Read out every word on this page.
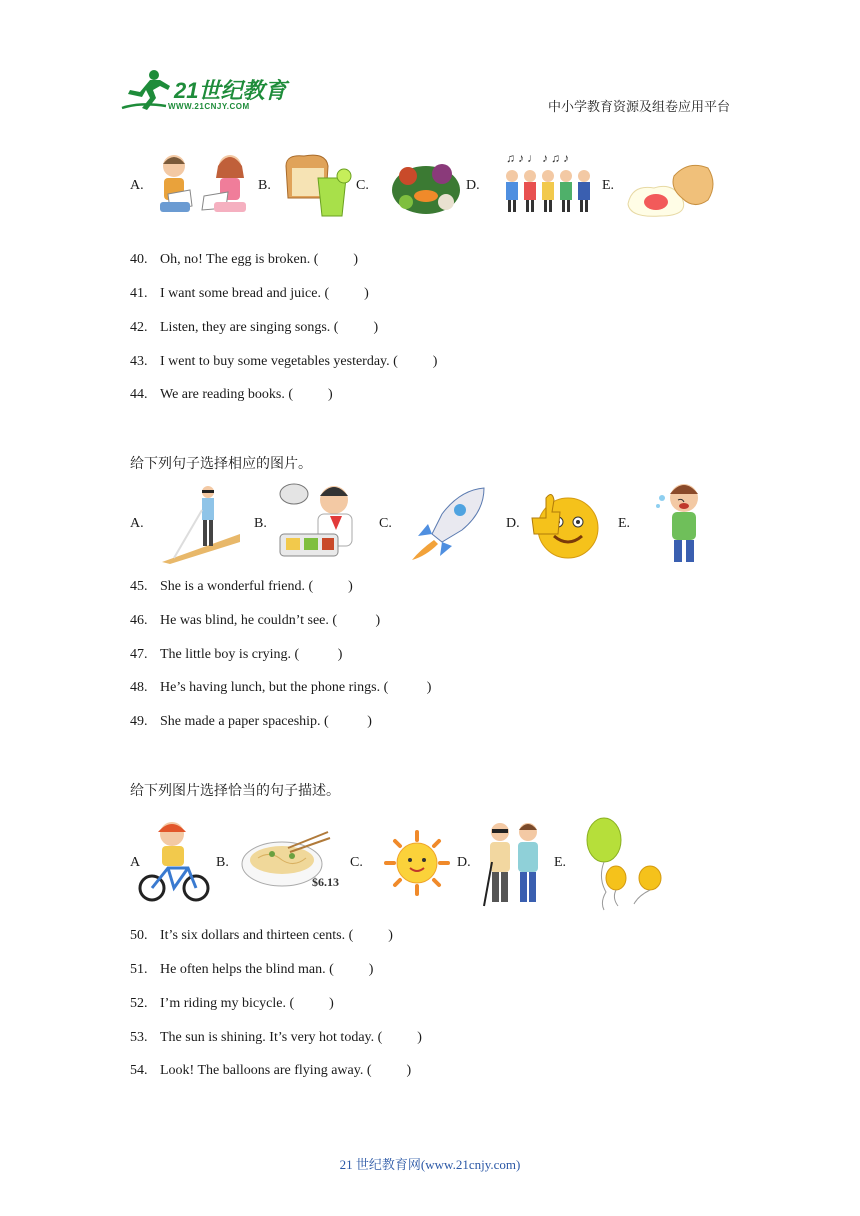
21世纪教育
WWW.21CNJY.COM	中小学教育资源及组卷应用平台
A.	B.	C.	D.
♫ ♪ ♩ ♪ ♫ ♪
E.
40. Oh, no! The egg is broken. (          )
41. I want some bread and juice. (          )
42. Listen, they are singing songs. (          )
43. I went to buy some vegetables yesterday. (          )
44. We are reading books. (          )
给下列句子选择相应的图片。
A.	B.	C.	D.	E.
45. She is a wonderful friend. (          )
46. He was blind, he couldn’t see. (           )
47. The little boy is crying. (           )
48. He’s having lunch, but the phone rings. (           )
49. She made a paper spaceship. (           )
给下列图片选择恰当的句子描述。
A	B.
$6.13
C.	D.	E.
50. It’s six dollars and thirteen cents. (          )
51. He often helps the blind man. (          )
52. I’m riding my bicycle. (          )
53. The sun is shining. It’s very hot today. (          )
54. Look! The balloons are flying away. (          )
21 世纪教育网(www.21cnjy.com)
